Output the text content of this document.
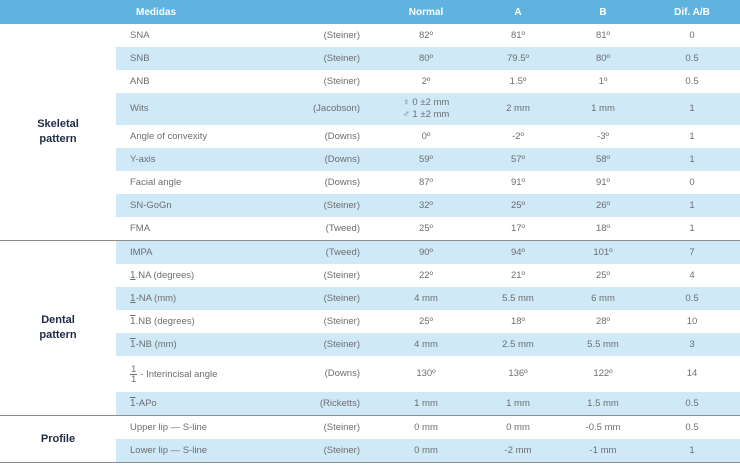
	Medidas		Normal	A	B	Dif. A/B
Skeletal pattern	SNA	(Steiner)	82º	81º	81º	0
	SNB	(Steiner)	80º	79.5º	80º	0.5
	ANB	(Steiner)	2º	1.5º	1º	0.5
	Wits	(Jacobson)	♀ 0 ±2 mm
♂ 1 ±2 mm	2 mm	1 mm	1
	Angle of convexity	(Downs)	0º	-2º	-3º	1
	Y-axis	(Downs)	59º	57º	58º	1
	Facial angle	(Downs)	87º	91º	91º	0
	SN-GoGn	(Steiner)	32º	25º	26º	1
	FMA	(Tweed)	25º	17º	18º	1
Dental pattern	IMPA	(Tweed)	90º	94º	101º	7
	1.NA (degrees)	(Steiner)	22º	21º	25º	4
	1-NA (mm)	(Steiner)	4 mm	5.5 mm	6 mm	0.5
	1.NB (degrees)	(Steiner)	25º	18º	28º	10
	1-NB (mm)	(Steiner)	4 mm	2.5 mm	5.5 mm	3

	$\frac{1}{1}$ - Interincisal angle	(Downs)	130º	136º	122º	14
	1-APo	(Ricketts)	1 mm	1 mm	1.5 mm	0.5
Profile	Upper lip — S-line	(Steiner)	0 mm	0 mm	-0.5 mm	0.5
	Lower lip — S-line	(Steiner)	0 mm	-2 mm	-1 mm	1
